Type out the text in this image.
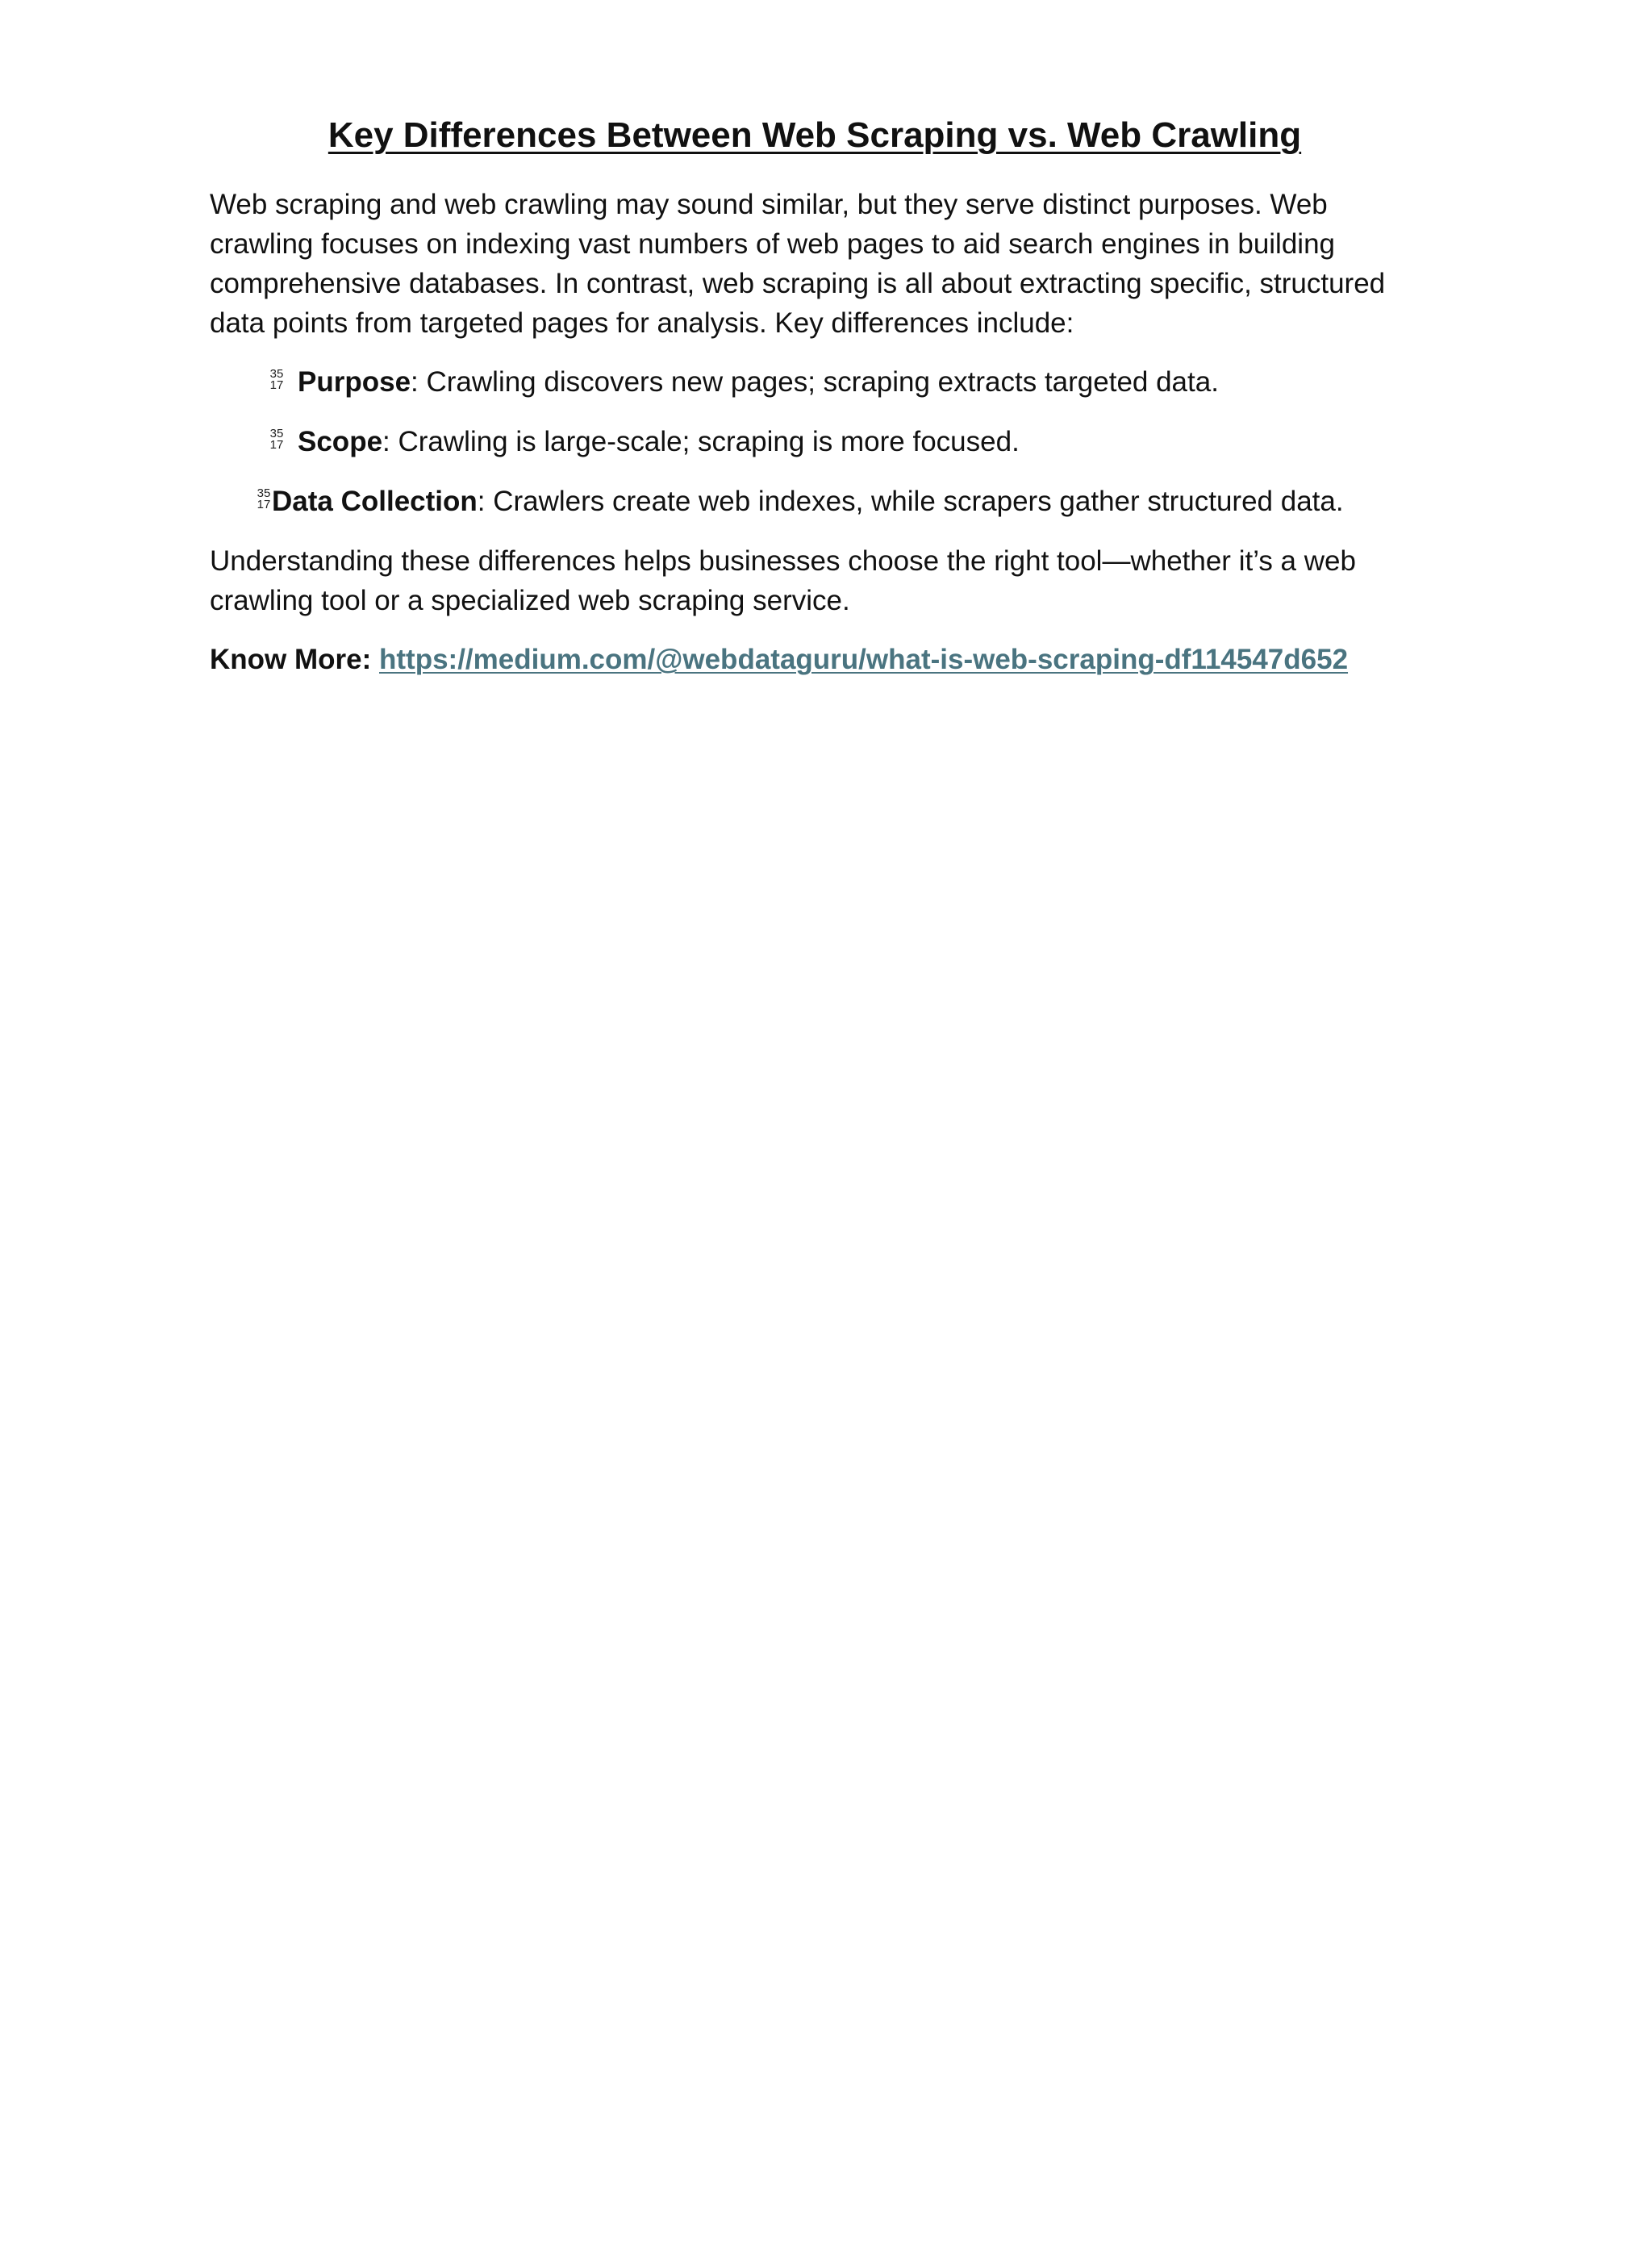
Key Differences Between Web Scraping vs. Web Crawling

Web scraping and web crawling may sound similar, but they serve distinct purposes. Web crawling focuses on indexing vast numbers of web pages to aid search engines in building comprehensive databases. In contrast, web scraping is all about extracting specific, structured data points from targeted pages for analysis. Key differences include:

35
17 Purpose: Crawling discovers new pages; scraping extracts targeted data.
35
17 Scope: Crawling is large-scale; scraping is more focused.
35
17 Data Collection: Crawlers create web indexes, while scrapers gather structured data.

Understanding these differences helps businesses choose the right tool—whether it’s a web crawling tool or a specialized web scraping service.

Know More: https://medium.com/@webdataguru/what-is-web-scraping-df114547d652
